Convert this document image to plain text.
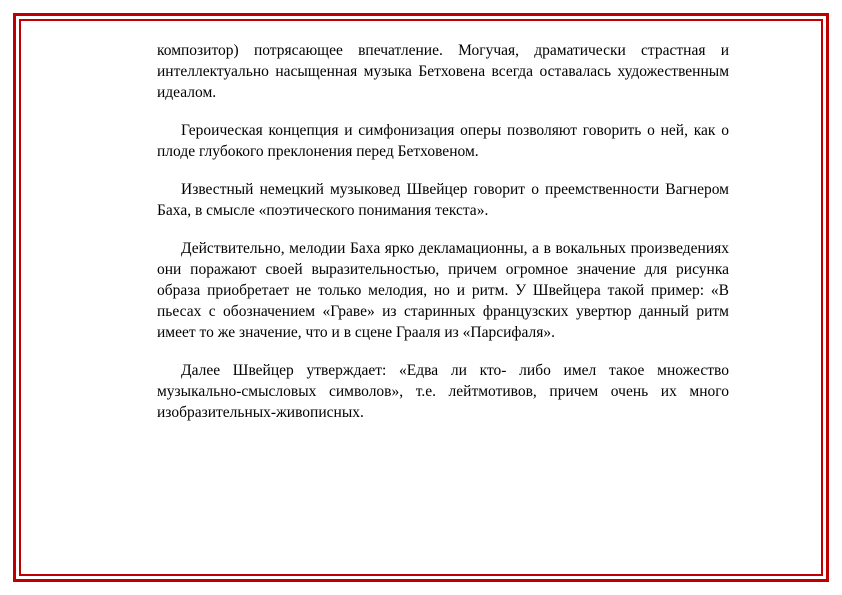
композитор) потрясающее впечатление. Могучая, драматически страстная и интеллектуально насыщенная музыка Бетховена всегда оставалась художественным идеалом.

Героическая концепция и симфонизация оперы позволяют говорить о ней, как о плоде глубокого преклонения перед Бетховеном.

Известный немецкий музыковед Швейцер говорит о преемственности Вагнером Баха, в смысле «поэтического понимания текста».

Действительно, мелодии Баха ярко декламационны, а в вокальных произведениях они поражают своей выразительностью, причем огромное значение для рисунка образа приобретает не только мелодия, но и ритм. У Швейцера такой пример: «В пьесах с обозначением «Граве» из старинных французских увертюр данный ритм имеет то же значение, что и в сцене Грааля из «Парсифаля».

Далее Швейцер утверждает: «Едва ли кто- либо имел такое множество музыкально-смысловых символов», т.е. лейтмотивов, причем очень их много изобразительных-живописных.
